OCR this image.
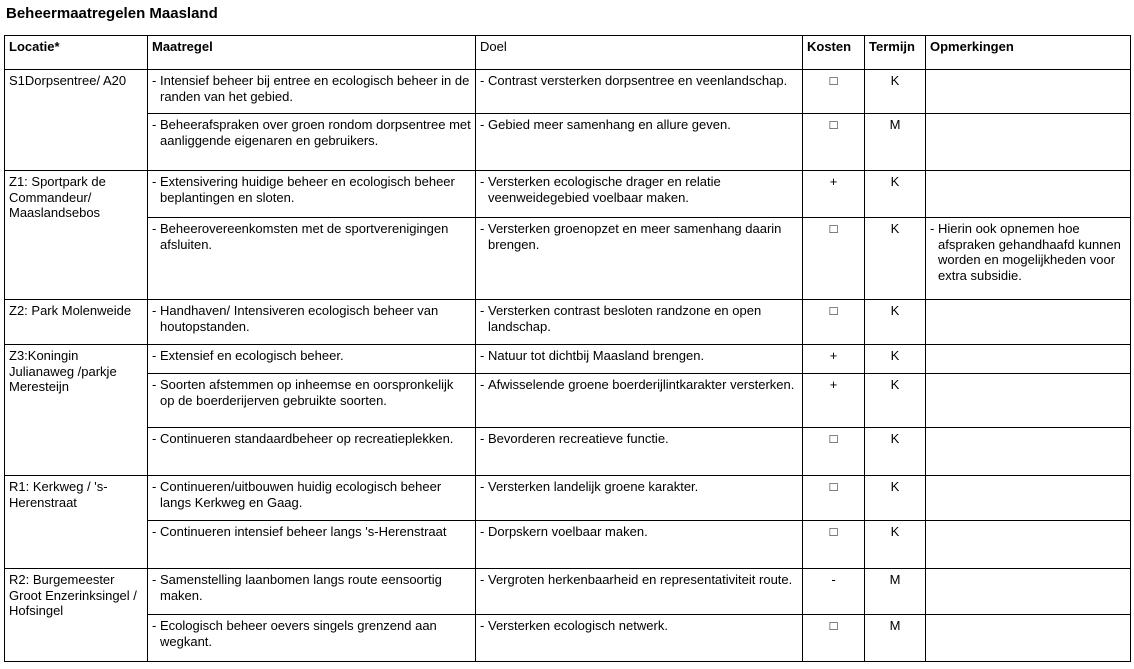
Beheermaatregelen Maasland
Locatie*	Maatregel	Doel	Kosten	Termijn	Opmerkingen
S1Dorpsentree/ A20	- Intensief beheer bij entree en ecologisch beheer in de randen van het gebied.	- Contrast versterken dorpsentree en veenlandschap.	□	K	

	- Beheerafspraken over groen rondom dorpsentree met aanliggende eigenaren en gebruikers.	- Gebied meer samenhang en allure geven.	□	M	
Z1: Sportpark de Commandeur/ Maaslandsebos	- Extensivering huidige beheer en ecologisch beheer beplantingen en sloten.	- Versterken ecologische drager en relatie veenweidegebied voelbaar maken.	+	K	

	- Beheerovereenkomsten met de sportverenigingen afsluiten.	- Versterken groenopzet en meer samenhang daarin brengen.	□	K	- Hierin ook opnemen hoe afspraken gehandhaafd kunnen worden en mogelijkheden voor extra subsidie.

Z2: Park Molenweide	- Handhaven/ Intensiveren ecologisch beheer van houtopstanden.	- Versterken contrast besloten randzone en open landschap.	□	K	
Z3:Koningin Julianaweg /parkje Meresteijn	- Extensief en ecologisch beheer.	- Natuur tot dichtbij Maasland brengen.	+	K	

	- Soorten afstemmen op inheemse en oorspronkelijk op de boerderijerven gebruikte soorten.	- Afwisselende groene boerderijlintkarakter versterken.	+	K	

	- Continueren standaardbeheer op recreatieplekken.	- Bevorderen recreatieve functie.	□	K	
R1: Kerkweg / 's-Herenstraat	- Continueren/uitbouwen huidig ecologisch beheer langs Kerkweg en Gaag.	- Versterken landelijk groene karakter.	□	K	

	- Continueren intensief beheer langs 's-Herenstraat	- Dorpskern voelbaar maken.	□	K	
R2: Burgemeester Groot Enzerinksingel / Hofsingel	- Samenstelling laanbomen langs route eensoortig maken.	- Vergroten herkenbaarheid en representativiteit route.	-	M	

	- Ecologisch beheer oevers singels grenzend aan wegkant.	- Versterken ecologisch netwerk.	□	M	
